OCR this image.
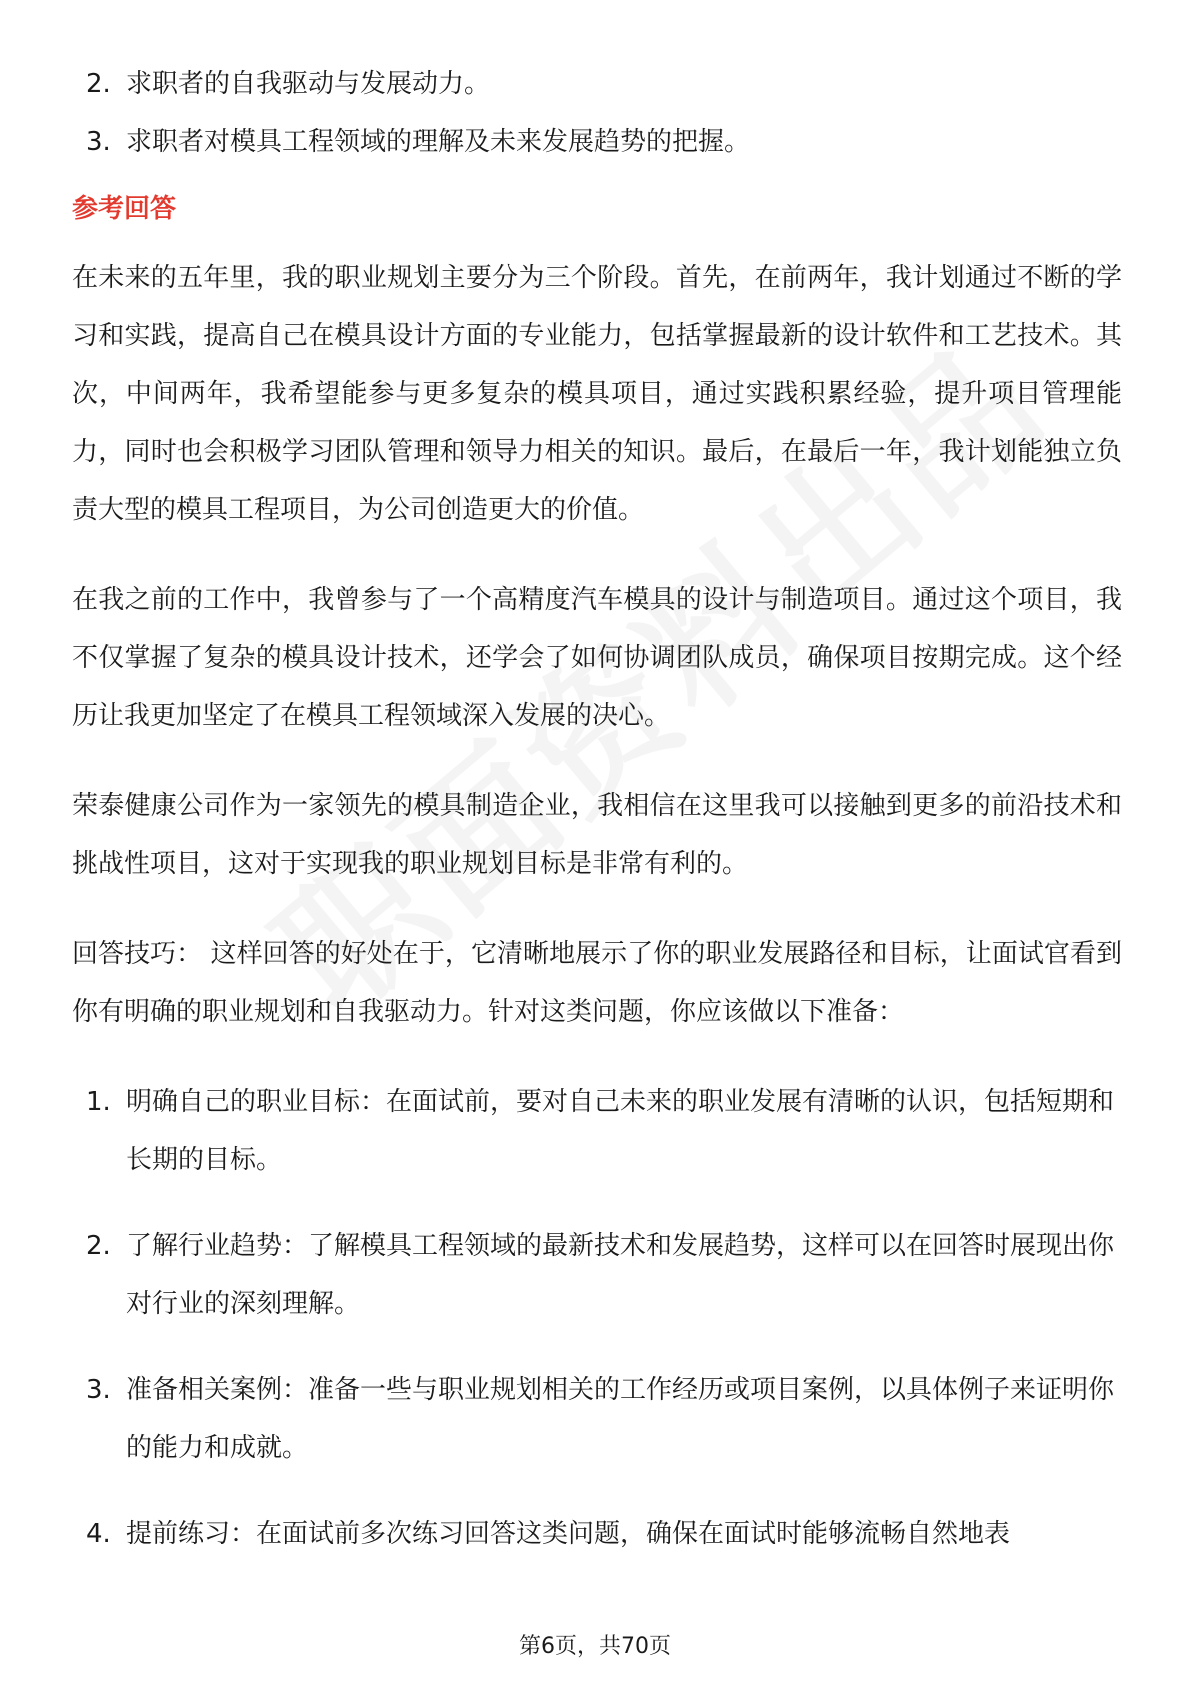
2. 求职者的自我驱动与发展动力。
3. 求职者对模具工程领域的理解及未来发展趋势的把握。
参考回答

在未来的五年里，我的职业规划主要分为三个阶段。首先，在前两年，我计划通过不断的学习和实践，提高自己在模具设计方面的专业能力，包括掌握最新的设计软件和工艺技术。其次，中间两年，我希望能参与更多复杂的模具项目，通过实践积累经验，提升项目管理能力，同时也会积极学习团队管理和领导力相关的知识。最后，在最后一年，我计划能独立负责大型的模具工程项目，为公司创造更大的价值。

在我之前的工作中，我曾参与了一个高精度汽车模具的设计与制造项目。通过这个项目，我不仅掌握了复杂的模具设计技术，还学会了如何协调团队成员，确保项目按期完成。这个经历让我更加坚定了在模具工程领域深入发展的决心。

荣泰健康公司作为一家领先的模具制造企业，我相信在这里我可以接触到更多的前沿技术和挑战性项目，这对于实现我的职业规划目标是非常有利的。

回答技巧： 这样回答的好处在于，它清晰地展示了你的职业发展路径和目标，让面试官看到你有明确的职业规划和自我驱动力。针对这类问题，你应该做以下准备：

1. 明确自己的职业目标：在面试前，要对自己未来的职业发展有清晰的认识，包括短期和长期的目标。
2. 了解行业趋势：了解模具工程领域的最新技术和发展趋势，这样可以在回答时展现出你对行业的深刻理解。
3. 准备相关案例：准备一些与职业规划相关的工作经历或项目案例，以具体例子来证明你的能力和成就。
4. 提前练习：在面试前多次练习回答这类问题，确保在面试时能够流畅自然地表
第6页，共70页
